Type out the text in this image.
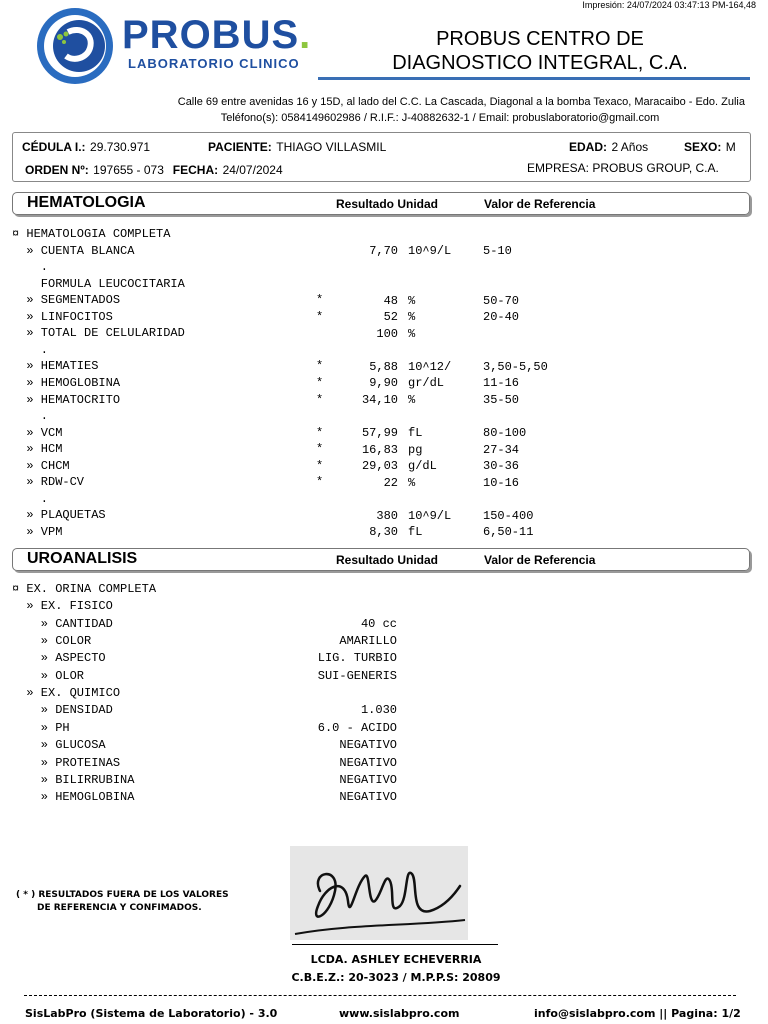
Impresión: 24/07/2024 03:47:13 PM-164,48
PROBUS.
LABORATORIO CLINICO
PROBUS CENTRO DE
DIAGNOSTICO INTEGRAL, C.A.
Calle 69 entre avenidas 16 y 15D, al lado del C.C. La Cascada, Diagonal a la bomba Texaco, Maracaibo - Edo. Zulia
Teléfono(s): 0584149602986 / R.I.F.: J-40882632-1 / Email: probuslaboratorio@gmail.com
CÉDULA I.: 29.730.971	PACIENTE: THIAGO VILLASMIL	EDAD: 2 Años	SEXO: M
ORDEN Nº: 197655 - 073 FECHA: 24/07/2024	EMPRESA: PROBUS GROUP, C.A.
HEMATOLOGIA	Resultado Unidad	Valor de Referencia
¤ HEMATOLOGIA COMPLETA
» CUENTA BLANCA	7,70 10^9/L	5-10
.
FORMULA LEUCOCITARIA
» SEGMENTADOS	*	48 %	50-70
» LINFOCITOS	*	52 %	20-40
» TOTAL DE CELULARIDAD	100 %
.
» HEMATIES	*	5,88 10^12/	3,50-5,50
» HEMOGLOBINA	*	9,90 gr/dL	11-16
» HEMATOCRITO	*	34,10 %	35-50
.
» VCM	*	57,99 fL	80-100
» HCM	*	16,83 pg	27-34
» CHCM	*	29,03 g/dL	30-36
» RDW-CV	*	22 %	10-16
.
» PLAQUETAS	380 10^9/L	150-400
» VPM	8,30 fL	6,50-11
UROANALISIS	Resultado Unidad	Valor de Referencia
¤ EX. ORINA COMPLETA
» EX. FISICO
» CANTIDAD	40 cc
» COLOR	AMARILLO
» ASPECTO	LIG. TURBIO
» OLOR	SUI-GENERIS
» EX. QUIMICO
» DENSIDAD	1.030
» PH	6.0 - ACIDO
» GLUCOSA	NEGATIVO
» PROTEINAS	NEGATIVO
» BILIRRUBINA	NEGATIVO
» HEMOGLOBINA	NEGATIVO
( * ) RESULTADOS FUERA DE LOS VALORES
DE REFERENCIA Y CONFIMADOS.
LCDA. ASHLEY ECHEVERRIA
C.B.E.Z.: 20-3023 / M.P.P.S: 20809
SisLabPro (Sistema de Laboratorio) - 3.0	www.sislabpro.com	info@sislabpro.com || Pagina: 1/2
